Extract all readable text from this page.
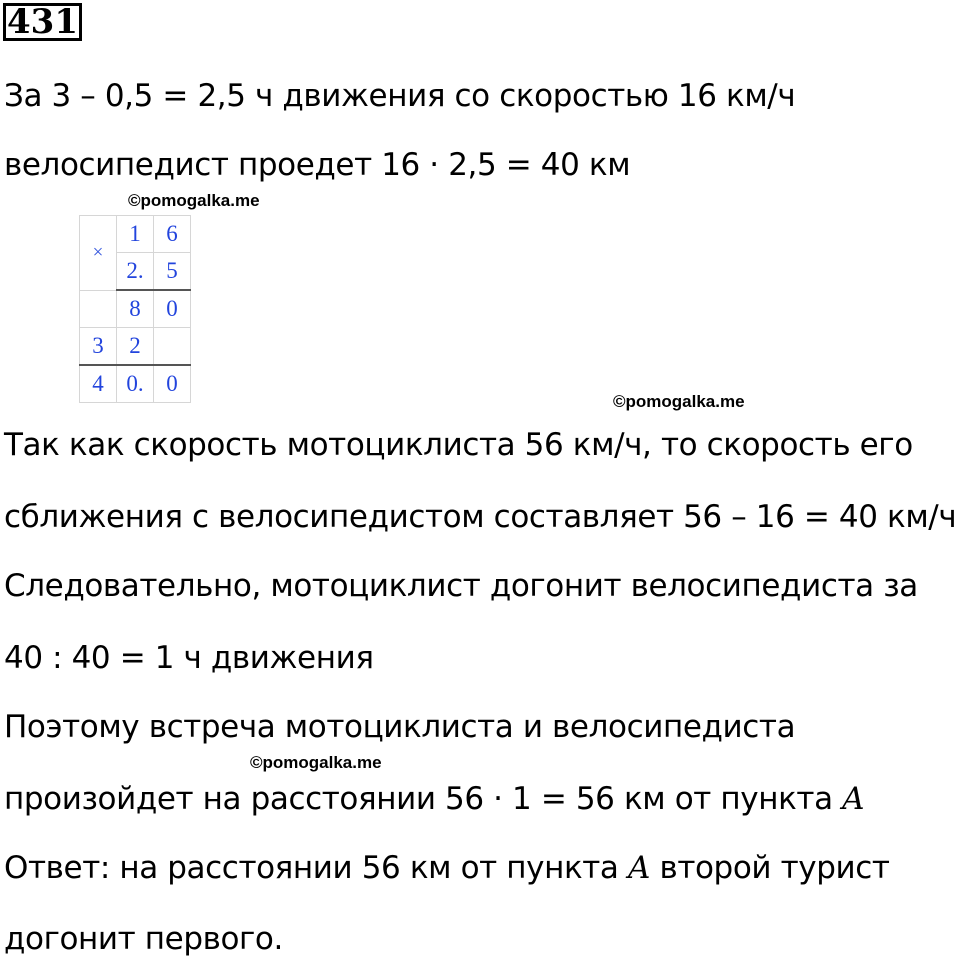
431
За 3 – 0,5 = 2,5 ч движения со скоростью 16 км/ч
велосипедист проедет 16 · 2,5 = 40 км
©pomogalka.me
×	1	6
	2.	5
	8	0
3	2	
4	0.	0
©pomogalka.me
Так как скорость мотоциклиста 56 км/ч, то скорость его
сближения с велосипедистом составляет 56 – 16 = 40 км/ч
Следовательно, мотоциклист догонит велосипедиста за
40 : 40 = 1 ч движения
Поэтому встреча мотоциклиста и велосипедиста
©pomogalka.me
произойдет на расстоянии 56 · 1 = 56 км от пункта A
Ответ: на расстоянии 56 км от пункта A второй турист
догонит первого.
